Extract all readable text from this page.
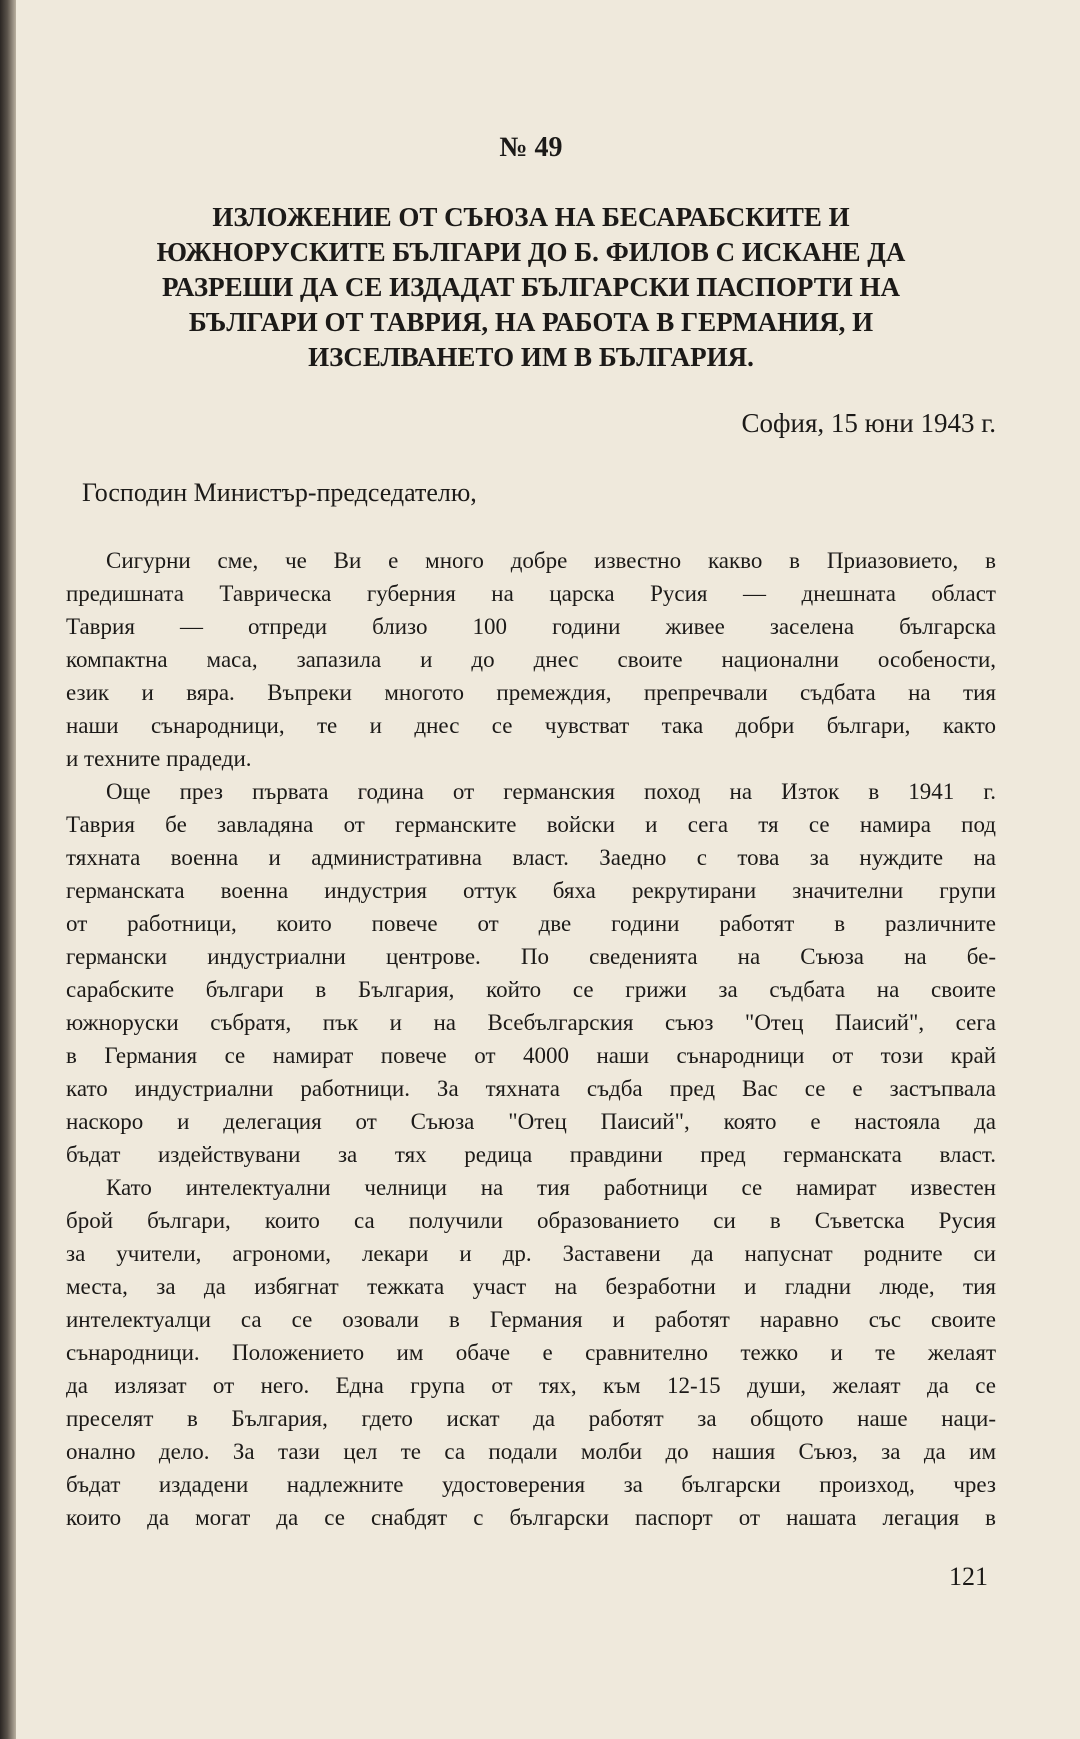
№ 49
ИЗЛОЖЕНИЕ ОТ СЪЮЗА НА БЕСАРАБСКИТЕ И
ЮЖНОРУСКИТЕ БЪЛГАРИ ДО Б. ФИЛОВ С ИСКАНЕ ДА
РАЗРЕШИ ДА СЕ ИЗДАДАТ БЪЛГАРСКИ ПАСПОРТИ НА
БЪЛГАРИ ОТ ТАВРИЯ, НА РАБОТА В ГЕРМАНИЯ, И
ИЗСЕЛВАНЕТО ИМ В БЪЛГАРИЯ.
София, 15 юни 1943 г.
Господин Министър-председателю,
Сигурни сме, че Ви е много добре известно какво в Приазовието, в
предишната Таврическа губерния на царска Русия — днешната област
Таврия — отпреди близо 100 години живее заселена българска
компактна маса, запазила и до днес своите национални особености,
език и вяра. Въпреки многото премеждия, препречвали съдбата на тия
наши сънародници, те и днес се чувстват така добри българи, както
и техните прадеди.
Още през първата година от германския поход на Изток в 1941 г.
Таврия бе завладяна от германските войски и сега тя се намира под
тяхната военна и административна власт. Заедно с това за нуждите на
германската военна индустрия оттук бяха рекрутирани значителни групи
от работници, които повече от две години работят в различните
германски индустриални центрове. По сведенията на Съюза на бе-
сарабските българи в България, който се грижи за съдбата на своите
южноруски събратя, пък и на Всебългарския съюз "Отец Паисий", сега
в Германия се намират повече от 4000 наши сънародници от този край
като индустриални работници. За тяхната съдба пред Вас се е застъпвала
наскоро и делегация от Съюза "Отец Паисий", която е настояла да
бъдат издействувани за тях редица правдини пред германската власт.
Като интелектуални челници на тия работници се намират известен
брой българи, които са получили образованието си в Съветска Русия
за учители, агрономи, лекари и др. Заставени да напуснат родните си
места, за да избягнат тежката участ на безработни и гладни люде, тия
интелектуалци са се озовали в Германия и работят наравно със своите
сънародници. Положението им обаче е сравнително тежко и те желаят
да излязат от него. Една група от тях, към 12-15 души, желаят да се
преселят в България, гдето искат да работят за общото наше наци-
онално дело. За тази цел те са подали молби до нашия Съюз, за да им
бъдат издадени надлежните удостоверения за български произход, чрез
които да могат да се снабдят с български паспорт от нашата легация в
121
